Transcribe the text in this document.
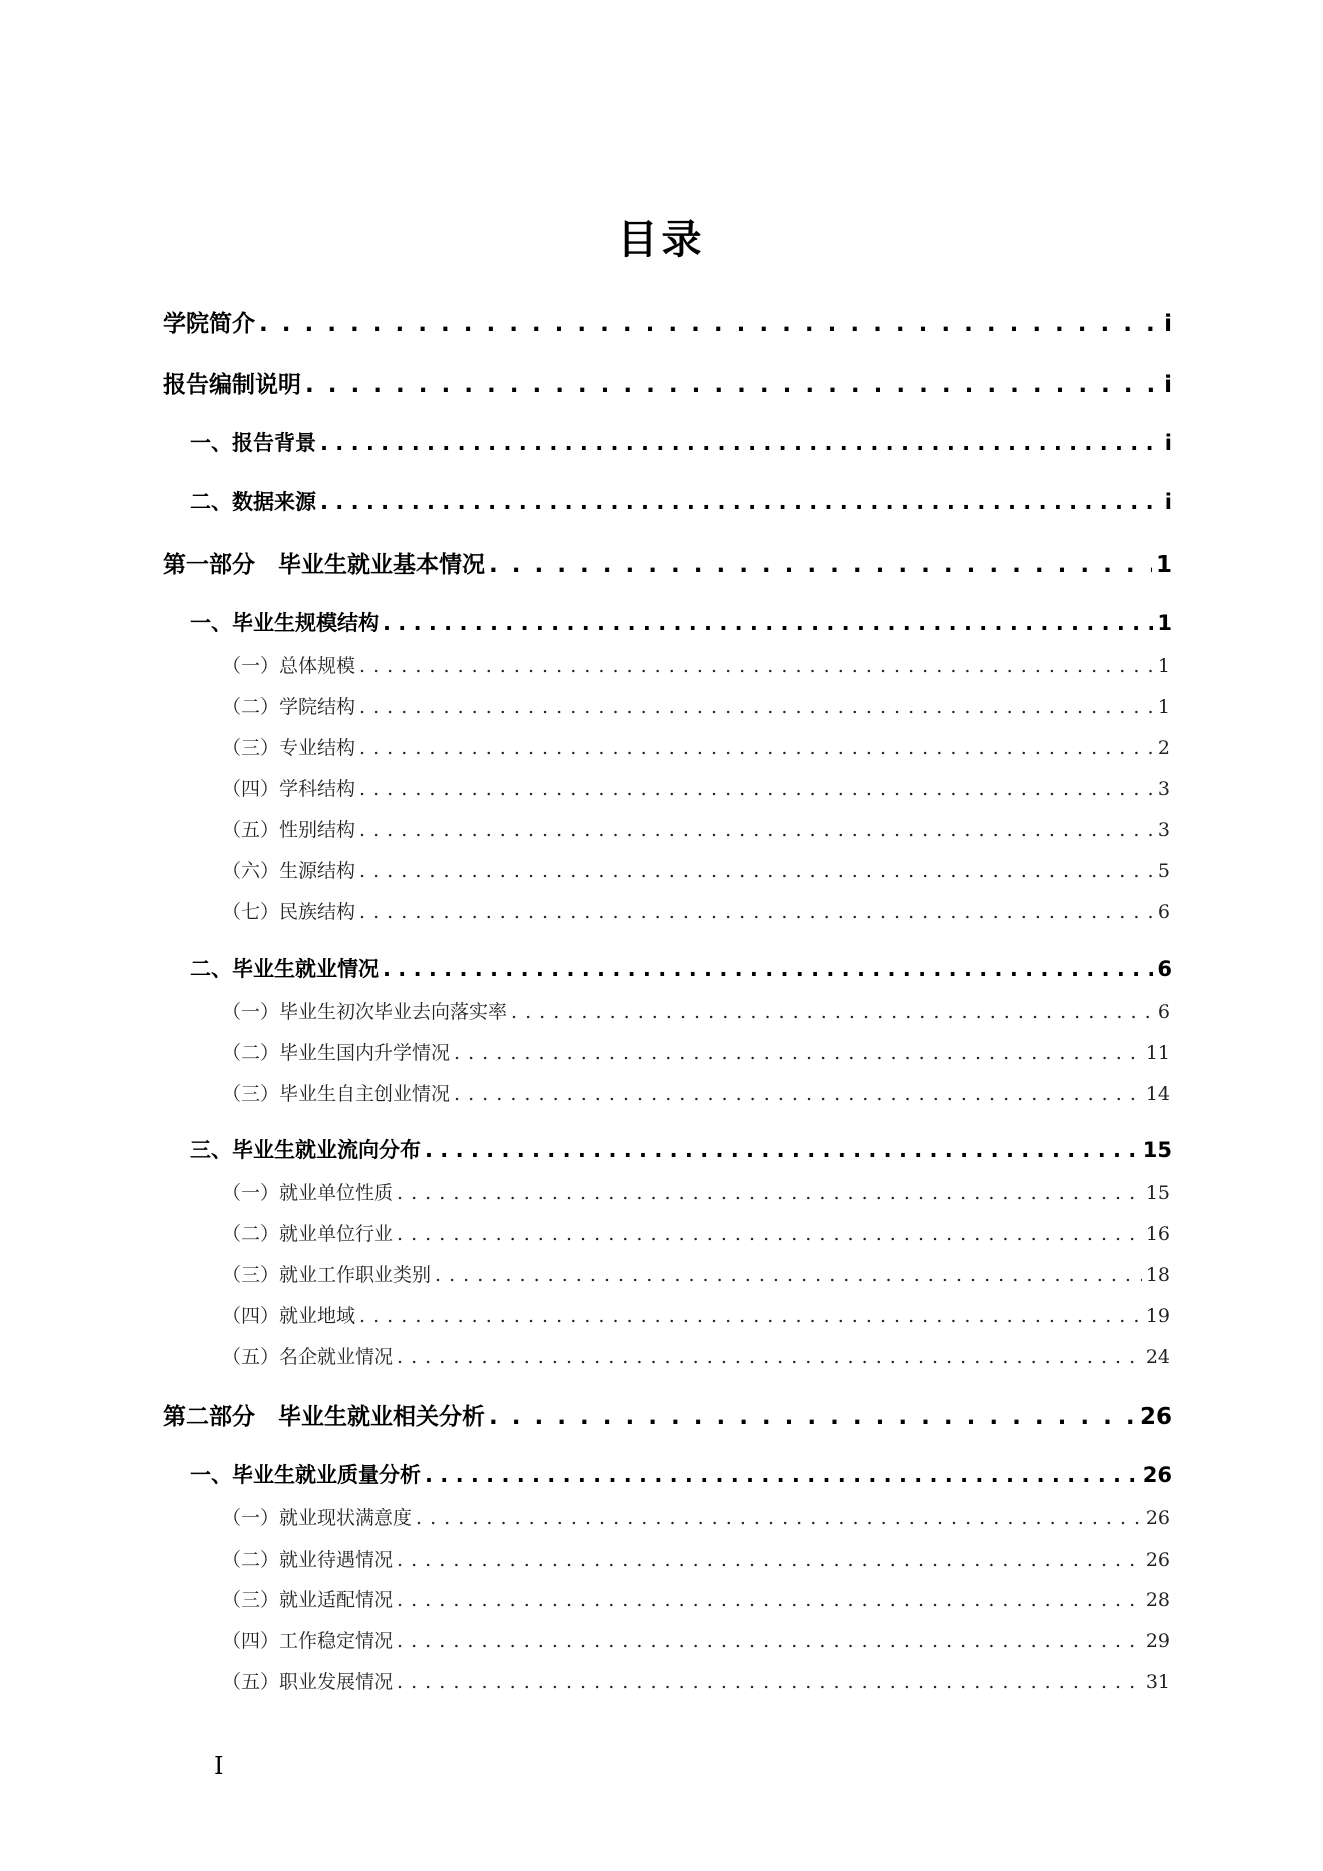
目录
学院简介 . . .	i
报告编制说明 . . .	i
一、报告背景 . . .	i
二、数据来源 . . .	i
第一部分　毕业生就业基本情况 . . .	1
一、毕业生规模结构 . . .	1
（一）总体规模 . . .	1
（二）学院结构 . . .	1
（三）专业结构 . . .	2
（四）学科结构 . . .	3
（五）性别结构 . . .	3
（六）生源结构 . . .	5
（七）民族结构 . . .	6
二、毕业生就业情况 . . .	6
（一）毕业生初次毕业去向落实率 . . .	6
（二）毕业生国内升学情况 . . .	11
（三）毕业生自主创业情况 . . .	14
三、毕业生就业流向分布 . . .	15
（一）就业单位性质 . . .	15
（二）就业单位行业 . . .	16
（三）就业工作职业类别 . . .	18
（四）就业地域 . . .	19
（五）名企就业情况 . . .	24
第二部分　毕业生就业相关分析 . . .	26
一、毕业生就业质量分析 . . .	26
（一）就业现状满意度 . . .	26
（二）就业待遇情况 . . .	26
（三）就业适配情况 . . .	28
（四）工作稳定情况 . . .	29
（五）职业发展情况 . . .	31
I
